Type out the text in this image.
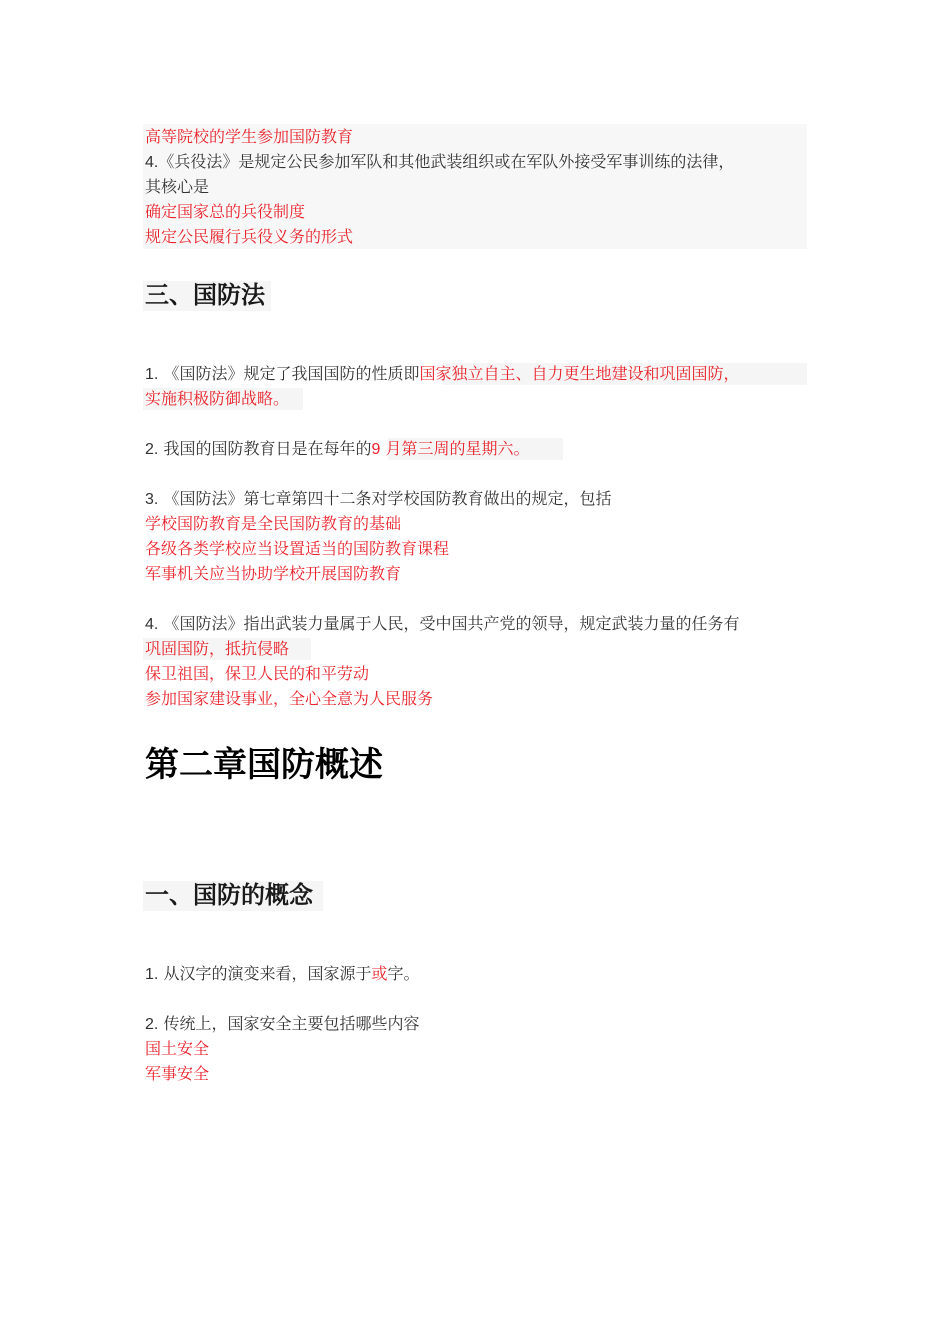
高等院校的学生参加国防教育
4.《兵役法》是规定公民参加军队和其他武装组织或在军队外接受军事训练的法律，
其核心是
确定国家总的兵役制度
规定公民履行兵役义务的形式
三、国防法
1. 《国防法》规定了我国国防的性质即国家独立自主、自力更生地建设和巩固国防，
实施积极防御战略。
2. 我国的国防教育日是在每年的9 月第三周的星期六。
3. 《国防法》第七章第四十二条对学校国防教育做出的规定，包括
学校国防教育是全民国防教育的基础
各级各类学校应当设置适当的国防教育课程
军事机关应当协助学校开展国防教育
4. 《国防法》指出武装力量属于人民，受中国共产党的领导，规定武装力量的任务有
巩固国防，抵抗侵略
保卫祖国，保卫人民的和平劳动
参加国家建设事业，全心全意为人民服务
第二章国防概述
一、国防的概念
1. 从汉字的演变来看，国家源于或字。
2. 传统上，国家安全主要包括哪些内容
国土安全
军事安全
